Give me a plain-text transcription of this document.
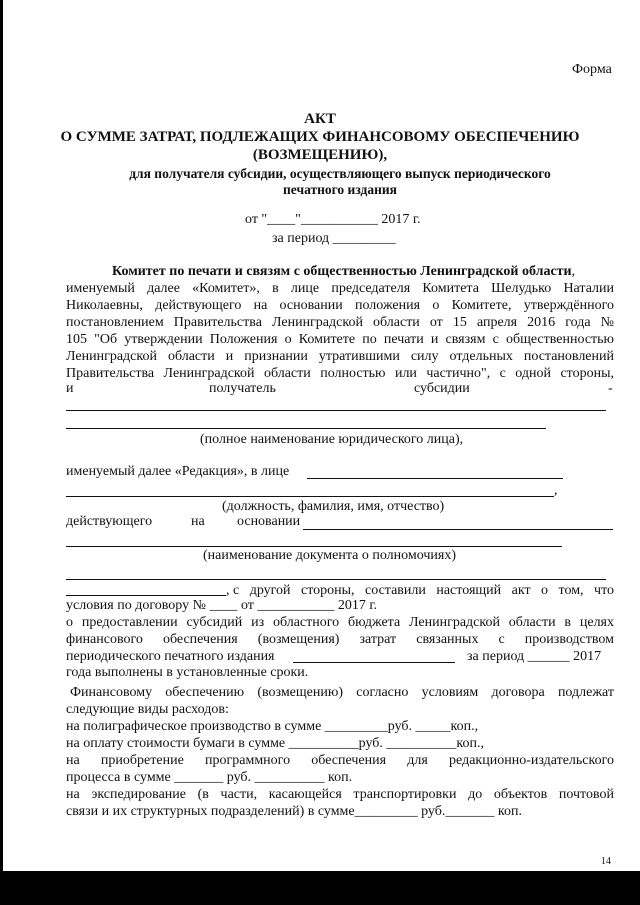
Форма
АКТ
О СУММЕ ЗАТРАТ, ПОДЛЕЖАЩИХ ФИНАНСОВОМУ ОБЕСПЕЧЕНИЮ
(ВОЗМЕЩЕНИЮ),
для получателя субсидии, осуществляющего выпуск периодического
печатного издания
от "____"___________ 2017 г.
за период _________
Комитет по печати и связям с общественностью Ленинградской области,
именуемый далее «Комитет», в лице председателя Комитета Шелудько Наталии
Николаевны, действующего на основании положения о Комитете, утверждённого
постановлением Правительства Ленинградской области от 15 апреля 2016 года №
105 "Об утверждении Положения о Комитете по печати и связям с общественностью
Ленинградской области и признании утратившими силу отдельных постановлений
Правительства Ленинградской области полностью или частично", с одной стороны,
и	получатель	субсидии	-
(полное наименование юридического лица),
именуемый далее «Редакция», в лице
,
(должность, фамилия, имя, отчество)
действующего	на основании
(наименование документа о полномочиях)
, с другой стороны, составили настоящий акт о том, что
условия по договору № ____ от ___________ 2017 г.
о предоставлении субсидий из областного бюджета Ленинградской области в целях
финансового обеспечения (возмещения) затрат связанных с производством
периодического печатного издания	за период ______ 2017
года выполнены в установленные сроки.
Финансовому обеспечению (возмещению) согласно условиям договора подлежат
следующие виды расходов:
на полиграфическое производство в сумме _________руб. _____коп.,
на оплату стоимости бумаги в сумме __________руб. __________коп.,
на приобретение программного обеспечения для редакционно-издательского
процесса в сумме _______ руб. __________ коп.
на экспедирование (в части, касающейся транспортировки до объектов почтовой
связи и их структурных подразделений) в сумме_________ руб._______ коп.
14
